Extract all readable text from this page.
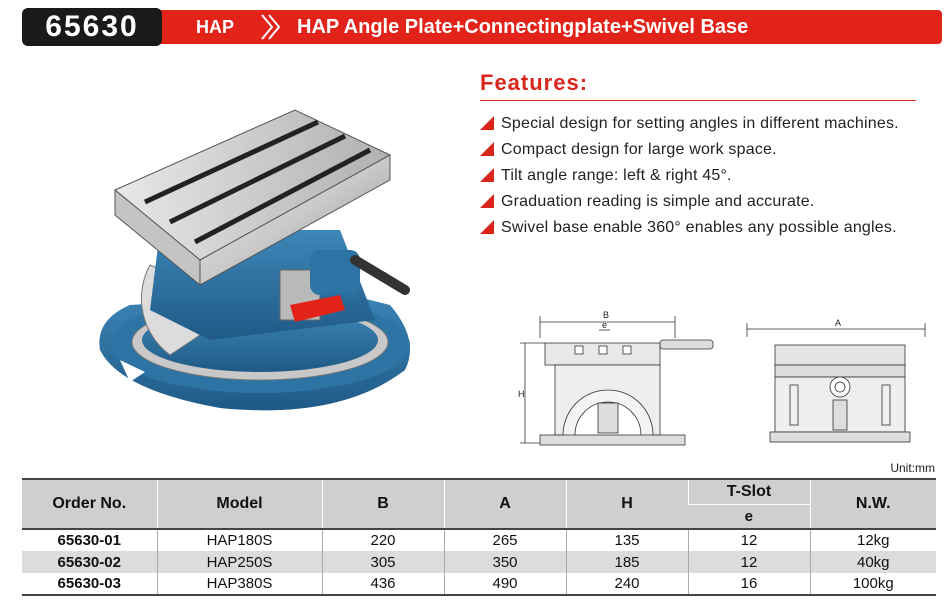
65630	HAP	HAP Angle Plate+Connectingplate+Swivel Base
Features:
Special design for setting angles in different machines.
Compact design for large work space.
Tilt angle range: left & right 45°.
Graduation reading is simple and accurate.
Swivel base enable 360° enables any possible angles.
B
e
H
A
Unit:mm
Order No.	Model	B	A	H	T-Slot	N.W.
					e	
65630-01	HAP180S	220	265	135	12	12kg
65630-02	HAP250S	305	350	185	12	40kg
65630-03	HAP380S	436	490	240	16	100kg
